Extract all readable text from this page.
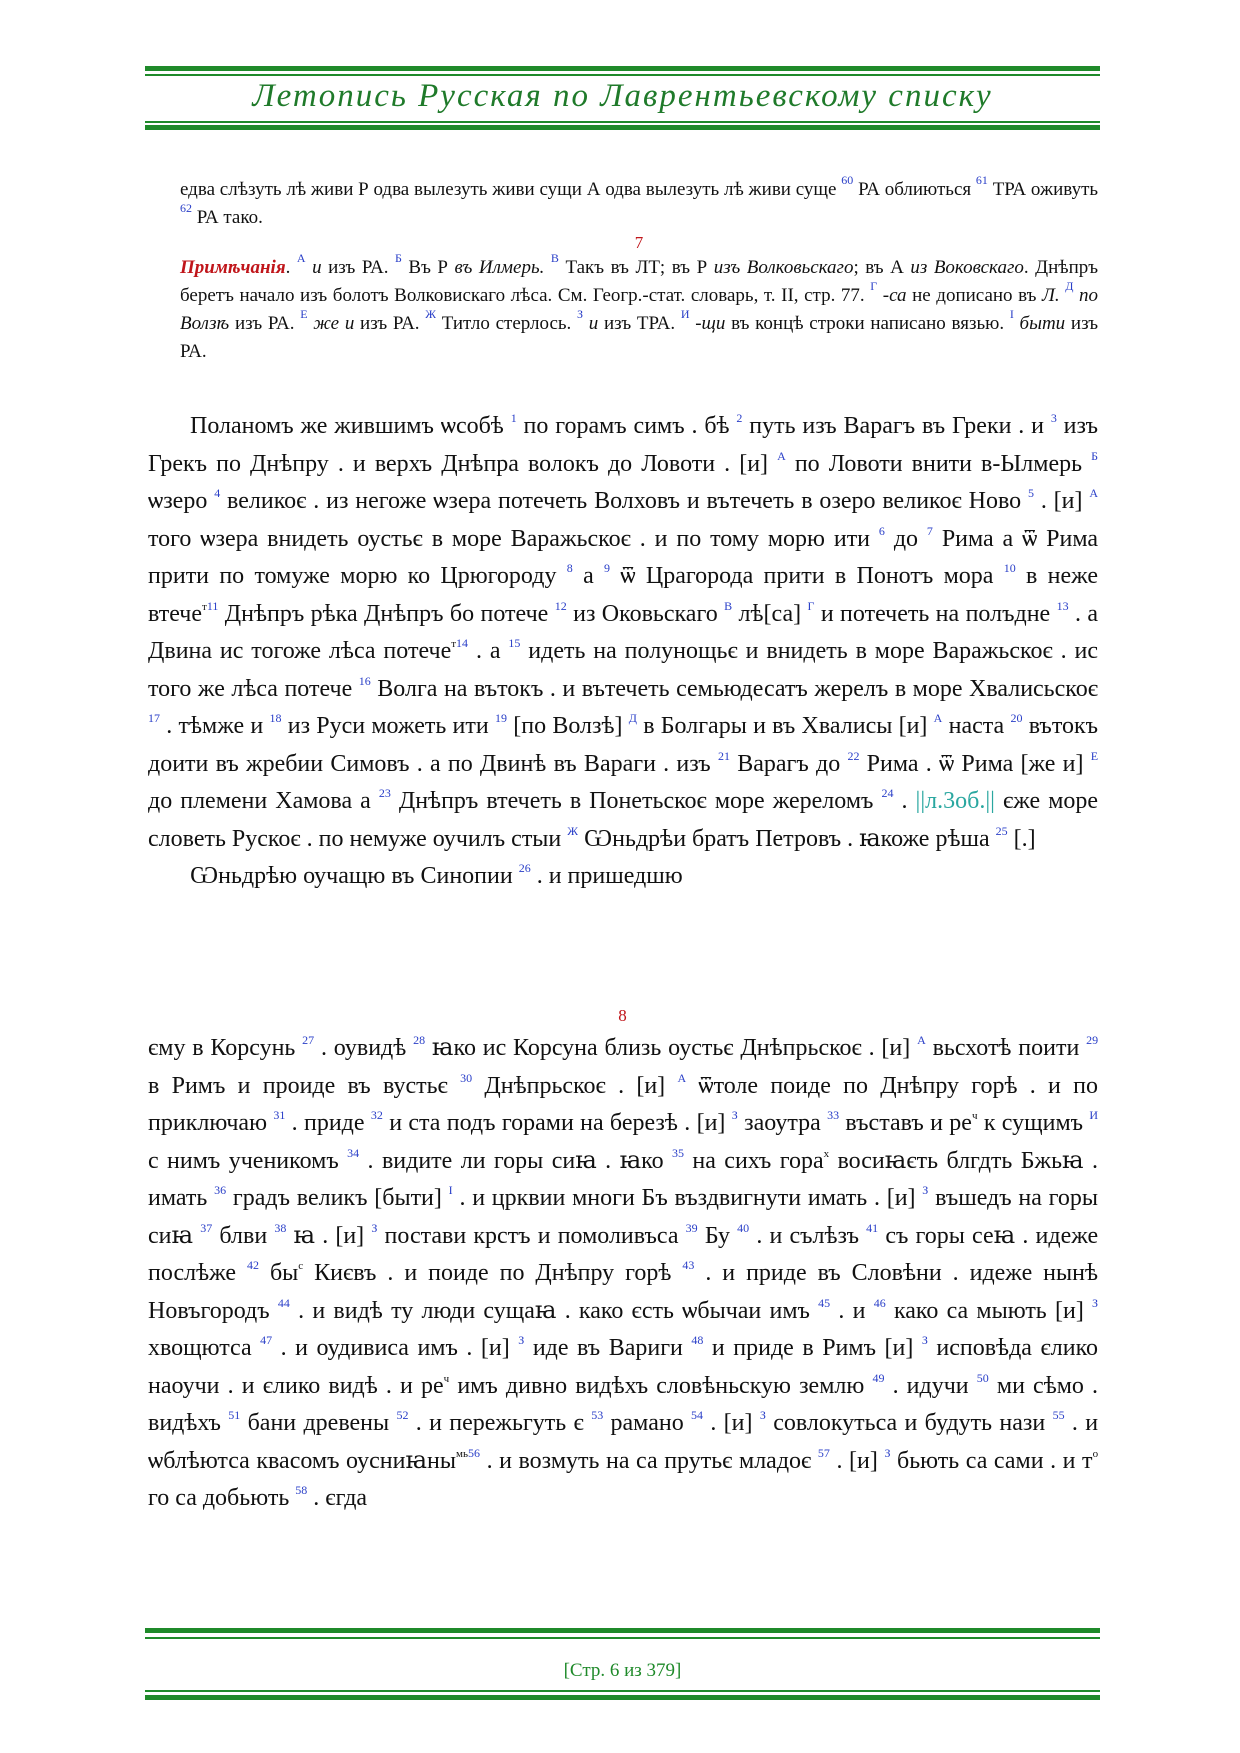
Летопись Русская по Лаврентьевскому списку
едва слѣзуть лѣ живи Р одва вылезуть живи сущи А одва вылезуть лѣ живи суще $^{60}$ РА облиються $^{61}$ ТРА оживуть $^{62}$ РА тако.
7
Примѣчанія. $^А$ и изъ РА. $^Б$ Въ Р въ Илмерь. $^В$ Такъ въ ЛТ; въ Р изъ Волковьскаго; въ А из Воковскаго. Днѣпръ беретъ начало изъ болотъ Волковискаго лѣса. См. Геогр.-стат. словарь, т. II, стр. 77. $^Г$ -са не дописано въ Л. $^Д$ по Волзѣ изъ РА. $^Е$ же и изъ РА. $^Ж$ Титло стерлось. $^З$ и изъ ТРА. $^И$ -щи въ концѣ строки написано вязью. $^І$ быти изъ РА.

Поланомъ же жившимъ ѡсобѣ $^1$ по горамъ симъ . бѣ $^2$ путь изъ Варагъ въ Греки . и $^3$ изъ Грекъ по Днѣпру . и верхъ Днѣпра волокъ до Ловоти . [и] $^А$ по Ловоти внити в-Ылмерь $^Б$ ѡзеро $^4$ великоє . из негоже ѡзера потечеть Волховъ и вътечеть в озеро великоє Ново $^5$ . [и] $^А$ того ѡзера внидеть оустьє в море Варажьскоє . и по тому морю ити $^6$ до $^7$ Рима а ѿ Рима прити по томуже морю ко Црюгороду $^8$ а $^9$ ѿ Црагорода прити в Понотъ мора $^{10}$ в неже втече$^{т11}$ Днѣпръ рѣка Днѣпръ бо потече $^{12}$ из Оковьскаго $^В$ лѣ[са] $^Г$ и потечеть на полъдне $^{13}$ . а Двина ис тогоже лѣса потече$^{т14}$ . а $^{15}$ идеть на полунощьє и внидеть в море Варажьскоє . ис того же лѣса потече $^{16}$ Волга на вътокъ . и вътечеть семьюдесатъ жерелъ в море Хвалисьскоє $^{17}$ . тѣмже и $^{18}$ из Руси можеть ити $^{19}$ [по Волзѣ] $^Д$ в Болгары и въ Хвалисы [и] $^А$ наста $^{20}$ вътокъ доити въ жребии Симовъ . а по Двинѣ въ Вараги . изъ $^{21}$ Варагъ до $^{22}$ Рима . ѿ Рима [же и] $^Е$ до племени Хамова а $^{23}$ Днѣпръ втечеть в Понетьскоє море жереломъ $^{24}$ . ||л.3об.|| єже море словеть Рускоє . по немуже оучилъ стыи $^Ж$ Ѡньдрѣи братъ Петровъ . ꙗкоже рѣша $^{25}$ [.]

Ѡньдрѣю оучащю въ Синопии $^{26}$ . и пришедшю

8

єму в Корсунь $^{27}$ . оувидѣ $^{28}$ ꙗко ис Корсуна близь оустьє Днѣпрьскоє . [и] $^А$ вьсхотѣ поити $^{29}$ в Римъ и проиде въ вустьє $^{30}$ Днѣпрьскоє . [и] $^А$ ѿтоле поиде по Днѣпру горѣ . и по приключаю $^{31}$ . приде $^{32}$ и ста подъ горами на березѣ . [и] $^З$ заоутра $^{33}$ въставъ и $ре^ч$ к сущимъ $^И$ с нимъ ученикомъ $^{34}$ . видите ли горы сиꙗ . ꙗко $^{35}$ на сихъ гора$^х$ восиꙗєть блгдть Бжьꙗ . имать $^{36}$ градъ великъ [быти] $^І$ . и црквии многи Бъ въздвигнути имать . [и] $^З$ въшедъ на горы сиꙗ $^{37}$ блви $^{38}$ ꙗ . [и] $^З$ постави крстъ и помоливъса $^{39}$ Бу $^{40}$ . и сълѣзъ $^{41}$ съ горы сеꙗ . идеже послѣже $^{42}$ $бы^с$ Києвъ . и поиде по Днѣпру горѣ $^{43}$ . и приде въ Словѣни . идеже нынѣ Новъгородъ $^{44}$ . и видѣ ту люди сущаꙗ . како єсть ѡбычаи имъ $^{45}$ . и $^{46}$ како са мыють [и] $^З$ хвощютса $^{47}$ . и оудивиса имъ . [и] $^З$ иде въ Вариги $^{48}$ и приде в Римъ [и] $^З$ исповѣда єлико наоучи . и єлико видѣ . и $ре^ч$ имъ дивно видѣхъ словѣньскую землю $^{49}$ . идучи $^{50}$ ми сѣмо . видѣхъ $^{51}$ бани древены $^{52}$ . и пережьгуть є $^{53}$ рамано $^{54}$ . [и] $^З$ совлокутьса и будуть нази $^{55}$ . и ѡблѣютса квасомъ оусниꙗны$^{мь56}$ . и возмуть на са прутьє младоє $^{57}$ . [и] $^З$ бьють са сами . и $т^о$ го са добьють $^{58}$ . єгда

[Стр. 6 из 379]
